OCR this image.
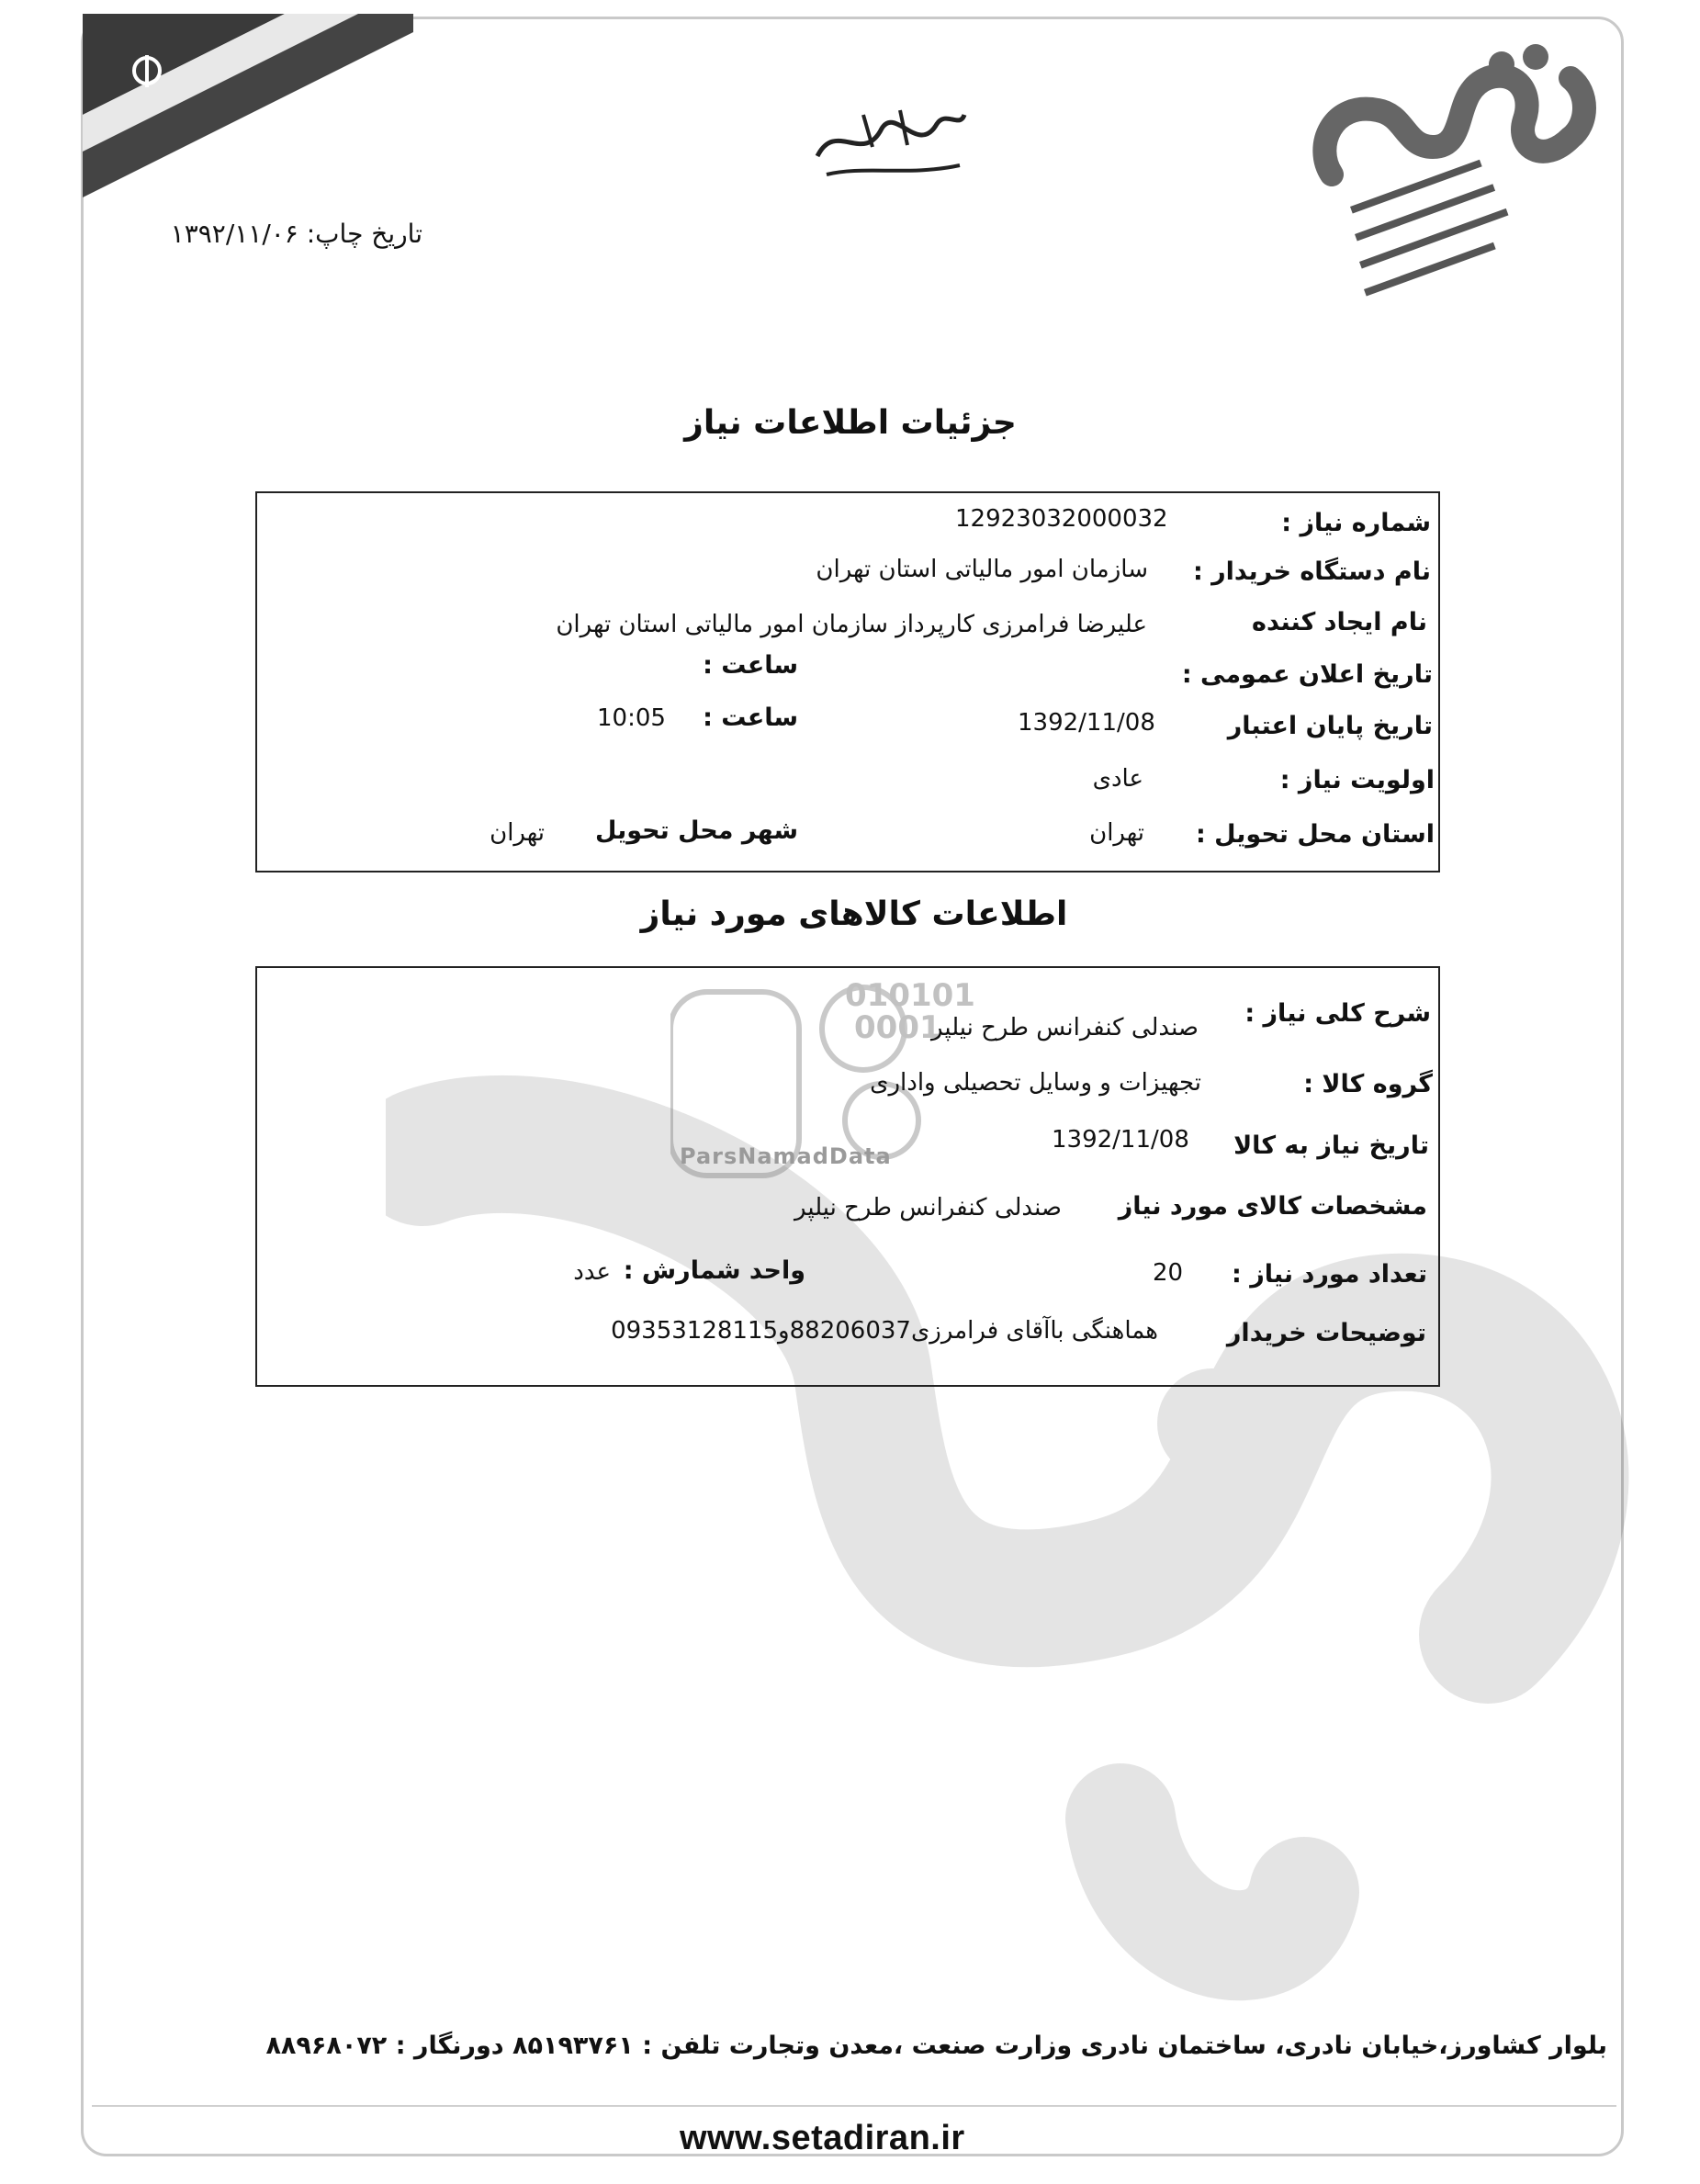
010101
0001
ParsNamadData
تاریخ چاپ: ۱۳۹۲/۱۱/۰۶
جزئیات اطلاعات نیاز
شماره نیاز :
12923032000032
نام دستگاه خریدار :
سازمان امور مالیاتی استان تهران
نام ایجاد کننده
علیرضا فرامرزی کارپرداز سازمان امور مالیاتی استان تهران
تاریخ اعلان عمومی :
ساعت :
تاریخ پایان اعتبار
1392/11/08
ساعت :
10:05
اولویت نیاز :
عادی
استان محل تحویل :
تهران
شهر محل تحویل
تهران
اطلاعات کالاهای مورد نیاز
شرح کلی نیاز :
صندلی کنفرانس طرح نیلپر
گروه کالا :
تجهیزات و وسایل تحصیلی واداری
تاریخ نیاز به کالا
1392/11/08
مشخصات کالای مورد نیاز
صندلی کنفرانس طرح نیلپر
تعداد مورد نیاز :
20
واحد شمارش :
عدد
توضیحات خریدار
هماهنگی باآقای فرامرزی88206037و09353128115
بلوار کشاورز،خیابان نادری، ساختمان نادری وزارت صنعت ،معدن وتجارت تلفن : ۸۵۱۹۳۷۶۱ دورنگار : ۸۸۹۶۸۰۷۲
www.setadiran.ir
